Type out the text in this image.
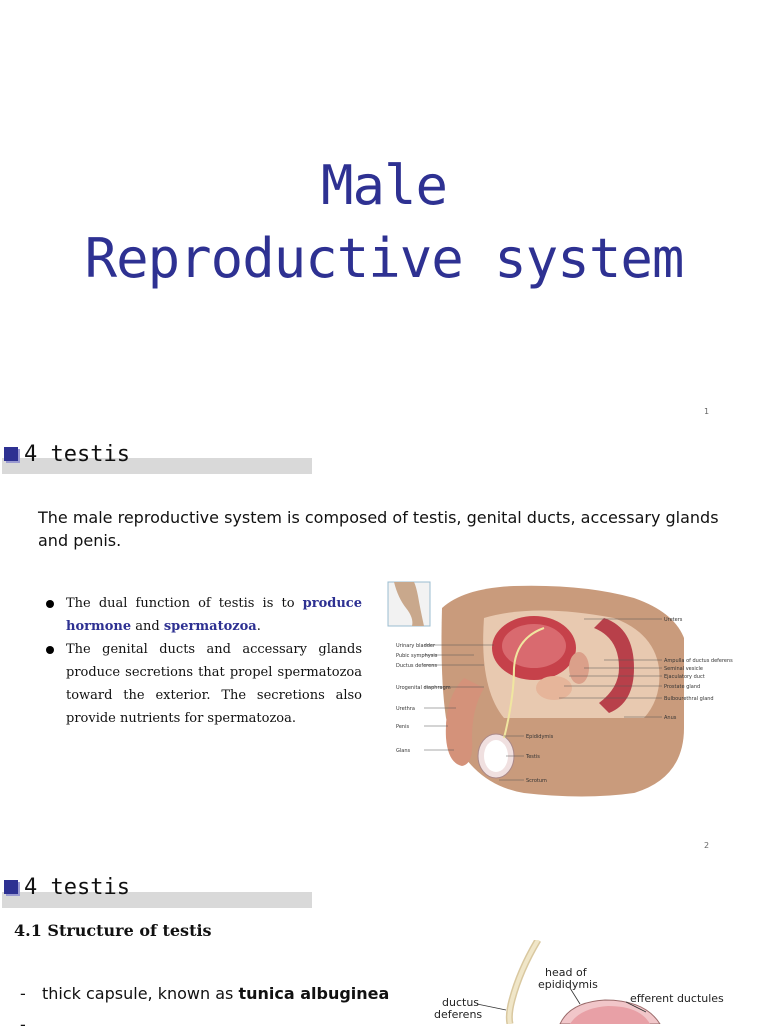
Male
Reproductive system
1
4 testis
The male reproductive system is composed of testis, genital ducts, accessary glands and penis.
The dual function of testis is to produce hormone and spermatozoa.
The genital ducts and accessary glands produce secretions that propel spermatozoa toward the exterior. The secretions also provide nutrients for spermatozoa.
Urinary bladder
Pubic symphysis
Ductus deferens
Urogenital diaphragm
Urethra
Penis
Glans
Ureters
Ampulla of ductus deferens
Seminal vesicle
Ejaculatory duct
Prostate gland
Bulbourethral gland
Anus
Epididymis
Testis
Scrotum
2
4 testis
4.1 Structure of testis
- thick capsule, known as tunica albuginea
-
head of
epididymis
efferent ductules
ductus
deferens
